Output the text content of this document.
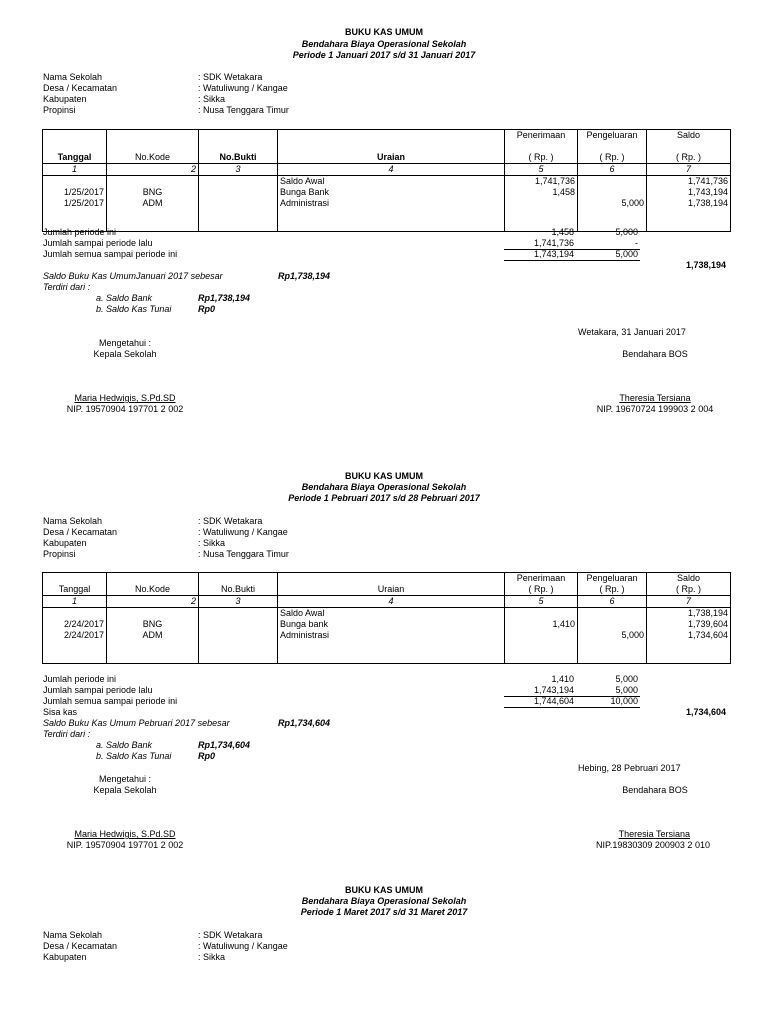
BUKU KAS UMUM
Bendahara Biaya Operasional Sekolah
Periode 1 Januari 2017 s/d 31 Januari 2017
Nama Sekolah	: SDK Wetakara
Desa / Kecamatan	: Watuliwung / Kangae
Kabupaten	: Sikka
Propinsi	: Nusa Tenggara Timur
				Penerimaan	Pengeluaran	Saldo

Tanggal	No.Kode	No.Bukti	Uraian	( Rp. )	( Rp. )	( Rp. )
1	2	3	4	5	6	7
			Saldo Awal	1,741,736		1,741,736
1/25/2017	BNG		Bunga Bank	1,458		1,743,194
1/25/2017	ADM		Administrasi		5,000	1,738,194

Jumlah periode ini	1,458	5,000
Jumlah sampai periode lalu	1,741,736	-
Jumlah semua sampai periode ini	1,743,194	5,000
1,738,194
Saldo Buku Kas UmumJanuari 2017 sebesar	Rp1,738,194
Terdiri dari :
a. Saldo Bank	Rp1,738,194
b. Saldo Kas Tunai	Rp0
Wetakara, 31 Januari 2017
Mengetahui :
Kepala Sekolah	Bendahara BOS
Maria Hedwigis, S.Pd.SD
NIP. 19570904 197701 2 002
Theresia Tersiana
NIP. 19670724 199903 2 004
BUKU KAS UMUM
Bendahara Biaya Operasional Sekolah
Periode 1 Pebruari 2017 s/d 28 Pebruari 2017
Nama Sekolah	: SDK Wetakara
Desa / Kecamatan	: Watuliwung / Kangae
Kabupaten	: Sikka
Propinsi	: Nusa Tenggara Timur
				Penerimaan	Pengeluaran	Saldo
Tanggal	No.Kode	No.Bukti	Uraian	( Rp. )	( Rp. )	( Rp. )
1	2	3	4	5	6	7
			Saldo Awal			1,738,194
2/24/2017	BNG		Bunga bank	1,410		1,739,604
2/24/2017	ADM		Administrasi		5,000	1,734,604

Jumlah periode ini	1,410	5,000
Jumlah sampai periode lalu	1,743,194	5,000
Jumlah semua sampai periode ini	1,744,604	10,000
Sisa kas	1,734,604
Saldo Buku Kas Umum Pebruari 2017 sebesar	Rp1,734,604
Terdiri dari :
a. Saldo Bank	Rp1,734,604
b. Saldo Kas Tunai	Rp0
Hebing, 28 Pebruari 2017
Mengetahui :
Kepala Sekolah	Bendahara BOS
Maria Hedwigis, S.Pd.SD
NIP. 19570904 197701 2 002
Theresia Tersiana
NIP.19830309 200903 2 010
BUKU KAS UMUM
Bendahara Biaya Operasional Sekolah
Periode 1 Maret 2017 s/d 31 Maret 2017
Nama Sekolah	: SDK Wetakara
Desa / Kecamatan	: Watuliwung / Kangae
Kabupaten	: Sikka
